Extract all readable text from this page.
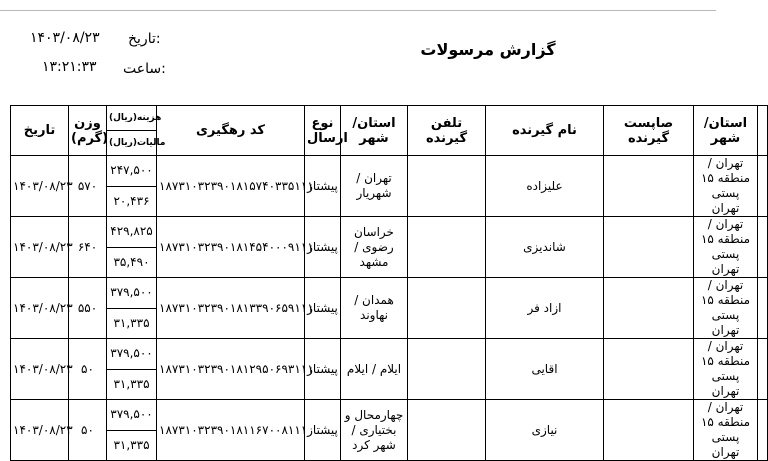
تاریخ:
۱۴۰۳/۰۸/۲۳
ساعت:
۱۳:۲۱:۳۳
گزارش مرسولات
تاریخ	وزن (گرم)	هزینه(ریال)	کد رهگیری	نوع ارسال	استان/ شهر	تلفن گیرنده	نام گیرنده	صاپست گیرنده	استان/ شهر	
		مالیات(ریال)								
۱۴۰۳/۰۸/۲۳	۵۷۰	۲۴۷,۵۰۰	۱۸۷۳۱۰۳۲۳۹۰۱۸۱۵۷۴۰۳۳۵۱۱۱	پیشتاز	تهران / شهریار		علیزاده		تهران / منطقه ۱۵ پستی تهران	
		۲۰,۴۳۶								
۱۴۰۳/۰۸/۲۳	۶۴۰	۴۲۹,۸۲۵	۱۸۷۳۱۰۳۲۳۹۰۱۸۱۴۵۴۰۰۰۹۱۱۱	پیشتاز	خراسان رضوی / مشهد		شاندیزی		تهران / منطقه ۱۵ پستی تهران	
		۳۵,۴۹۰								
۱۴۰۳/۰۸/۲۳	۵۵۰	۳۷۹,۵۰۰	۱۸۷۳۱۰۳۲۳۹۰۱۸۱۳۳۹۰۶۵۹۱۱۱	پیشتاز	همدان / نهاوند		ازاد فر		تهران / منطقه ۱۵ پستی تهران	
		۳۱,۳۳۵								
۱۴۰۳/۰۸/۲۳	۵۰	۳۷۹,۵۰۰	۱۸۷۳۱۰۳۲۳۹۰۱۸۱۲۹۵۰۶۹۳۱۱۱	پیشتاز	ایلام / ایلام		اقایی		تهران / منطقه ۱۵ پستی تهران	
		۳۱,۳۳۵								
۱۴۰۳/۰۸/۲۳	۵۰	۳۷۹,۵۰۰	۱۸۷۳۱۰۳۲۳۹۰۱۸۱۱۶۷۰۰۸۱۱۱	پیشتاز	چهارمحال و بختیاری / شهر کرد		نیازی		تهران / منطقه ۱۵ پستی تهران	
		۳۱,۳۳۵								
